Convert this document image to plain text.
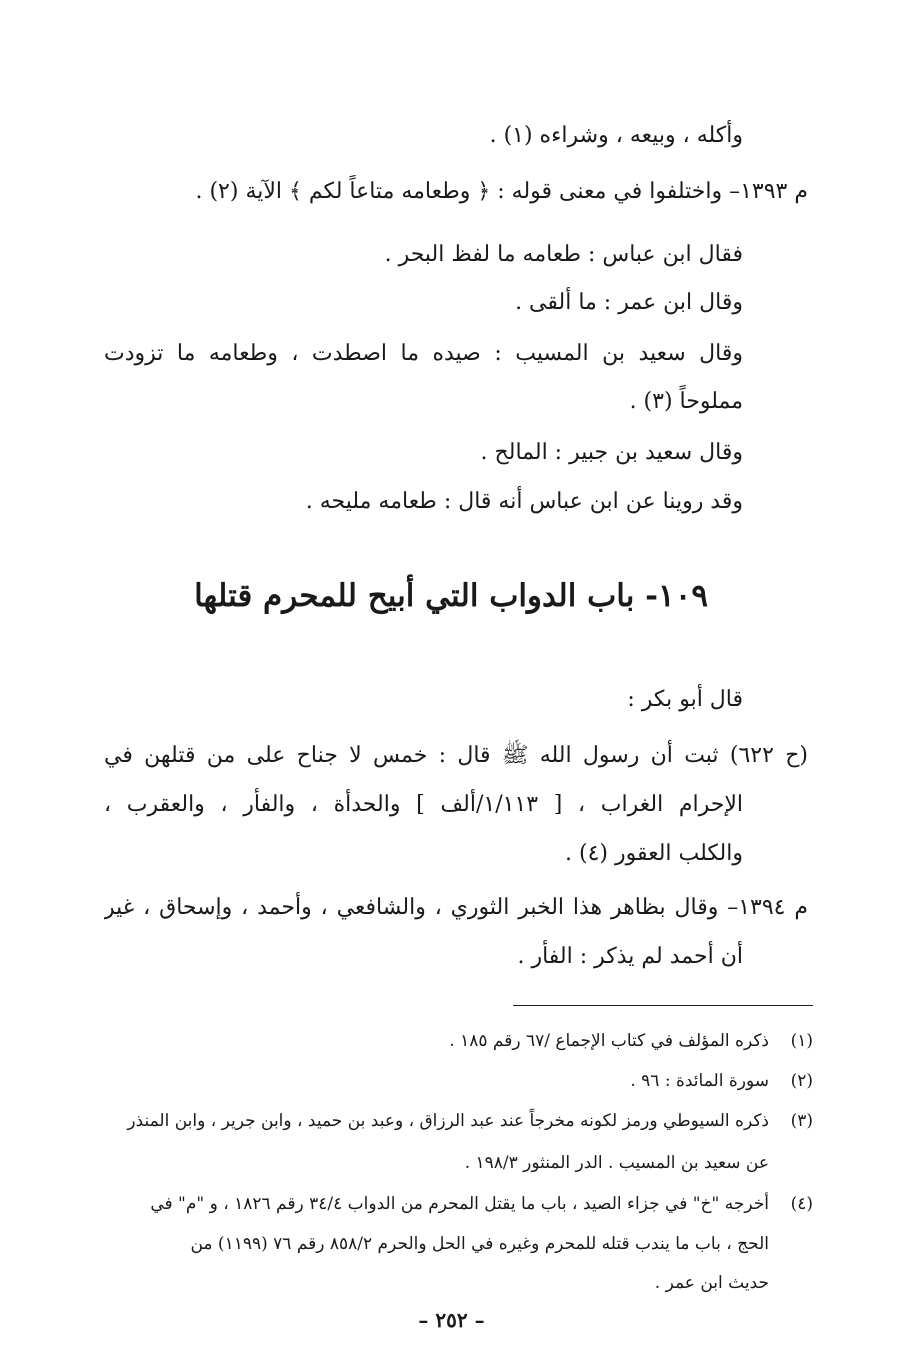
وأكله ، وبيعه ، وشراءه (١) .
م ١٣٩٣– واختلفوا في معنى قوله : ﴿ وطعامه متاعاً لكم ﴾ الآية (٢) .
فقال ابن عباس : طعامه ما لفظ البحر .
وقال ابن عمر : ما ألقى .
وقال سعيد بن المسيب : صيده ما اصطدت ، وطعامه ما تزودت
مملوحاً (٣) .
وقال سعيد بن جبير : المالح .
وقد روينا عن ابن عباس أنه قال : طعامه مليحه .
١٠٩- باب الدواب التي أبيح للمحرم قتلها
قال أبو بكر :
(ح ٦٢٢) ثبت أن رسول الله ﷺ قال : خمس لا جناح على من قتلهن في
الإحرام الغراب ، [ ١/١١٣/ألف ] والحدأة ، والفأر ، والعقرب ،
والكلب العقور (٤) .
م ١٣٩٤– وقال بظاهر هذا الخبر الثوري ، والشافعي ، وأحمد ، وإسحاق ، غير
أن أحمد لم يذكر : الفأر .
(١)ذكره المؤلف في كتاب الإجماع /٦٧ رقم ١٨٥ .
(٢)سورة المائدة : ٩٦ .
(٣)ذكره السيوطي ورمز لكونه مخرجاً عند عبد الرزاق ، وعبد بن حميد ، وابن جرير ، وابن المنذر
عن سعيد بن المسيب . الدر المنثور ١٩٨/٣ .
(٤)أخرجه "خ" في جزاء الصيد ، باب ما يقتل المحرم من الدواب ٣٤/٤ رقم ١٨٢٦ ، و "م" في
الحج ، باب ما يندب قتله للمحرم وغيره في الحل والحرم ٨٥٨/٢ رقم ٧٦ (١١٩٩) من
حديث ابن عمر .
– ٢٥٢ –
